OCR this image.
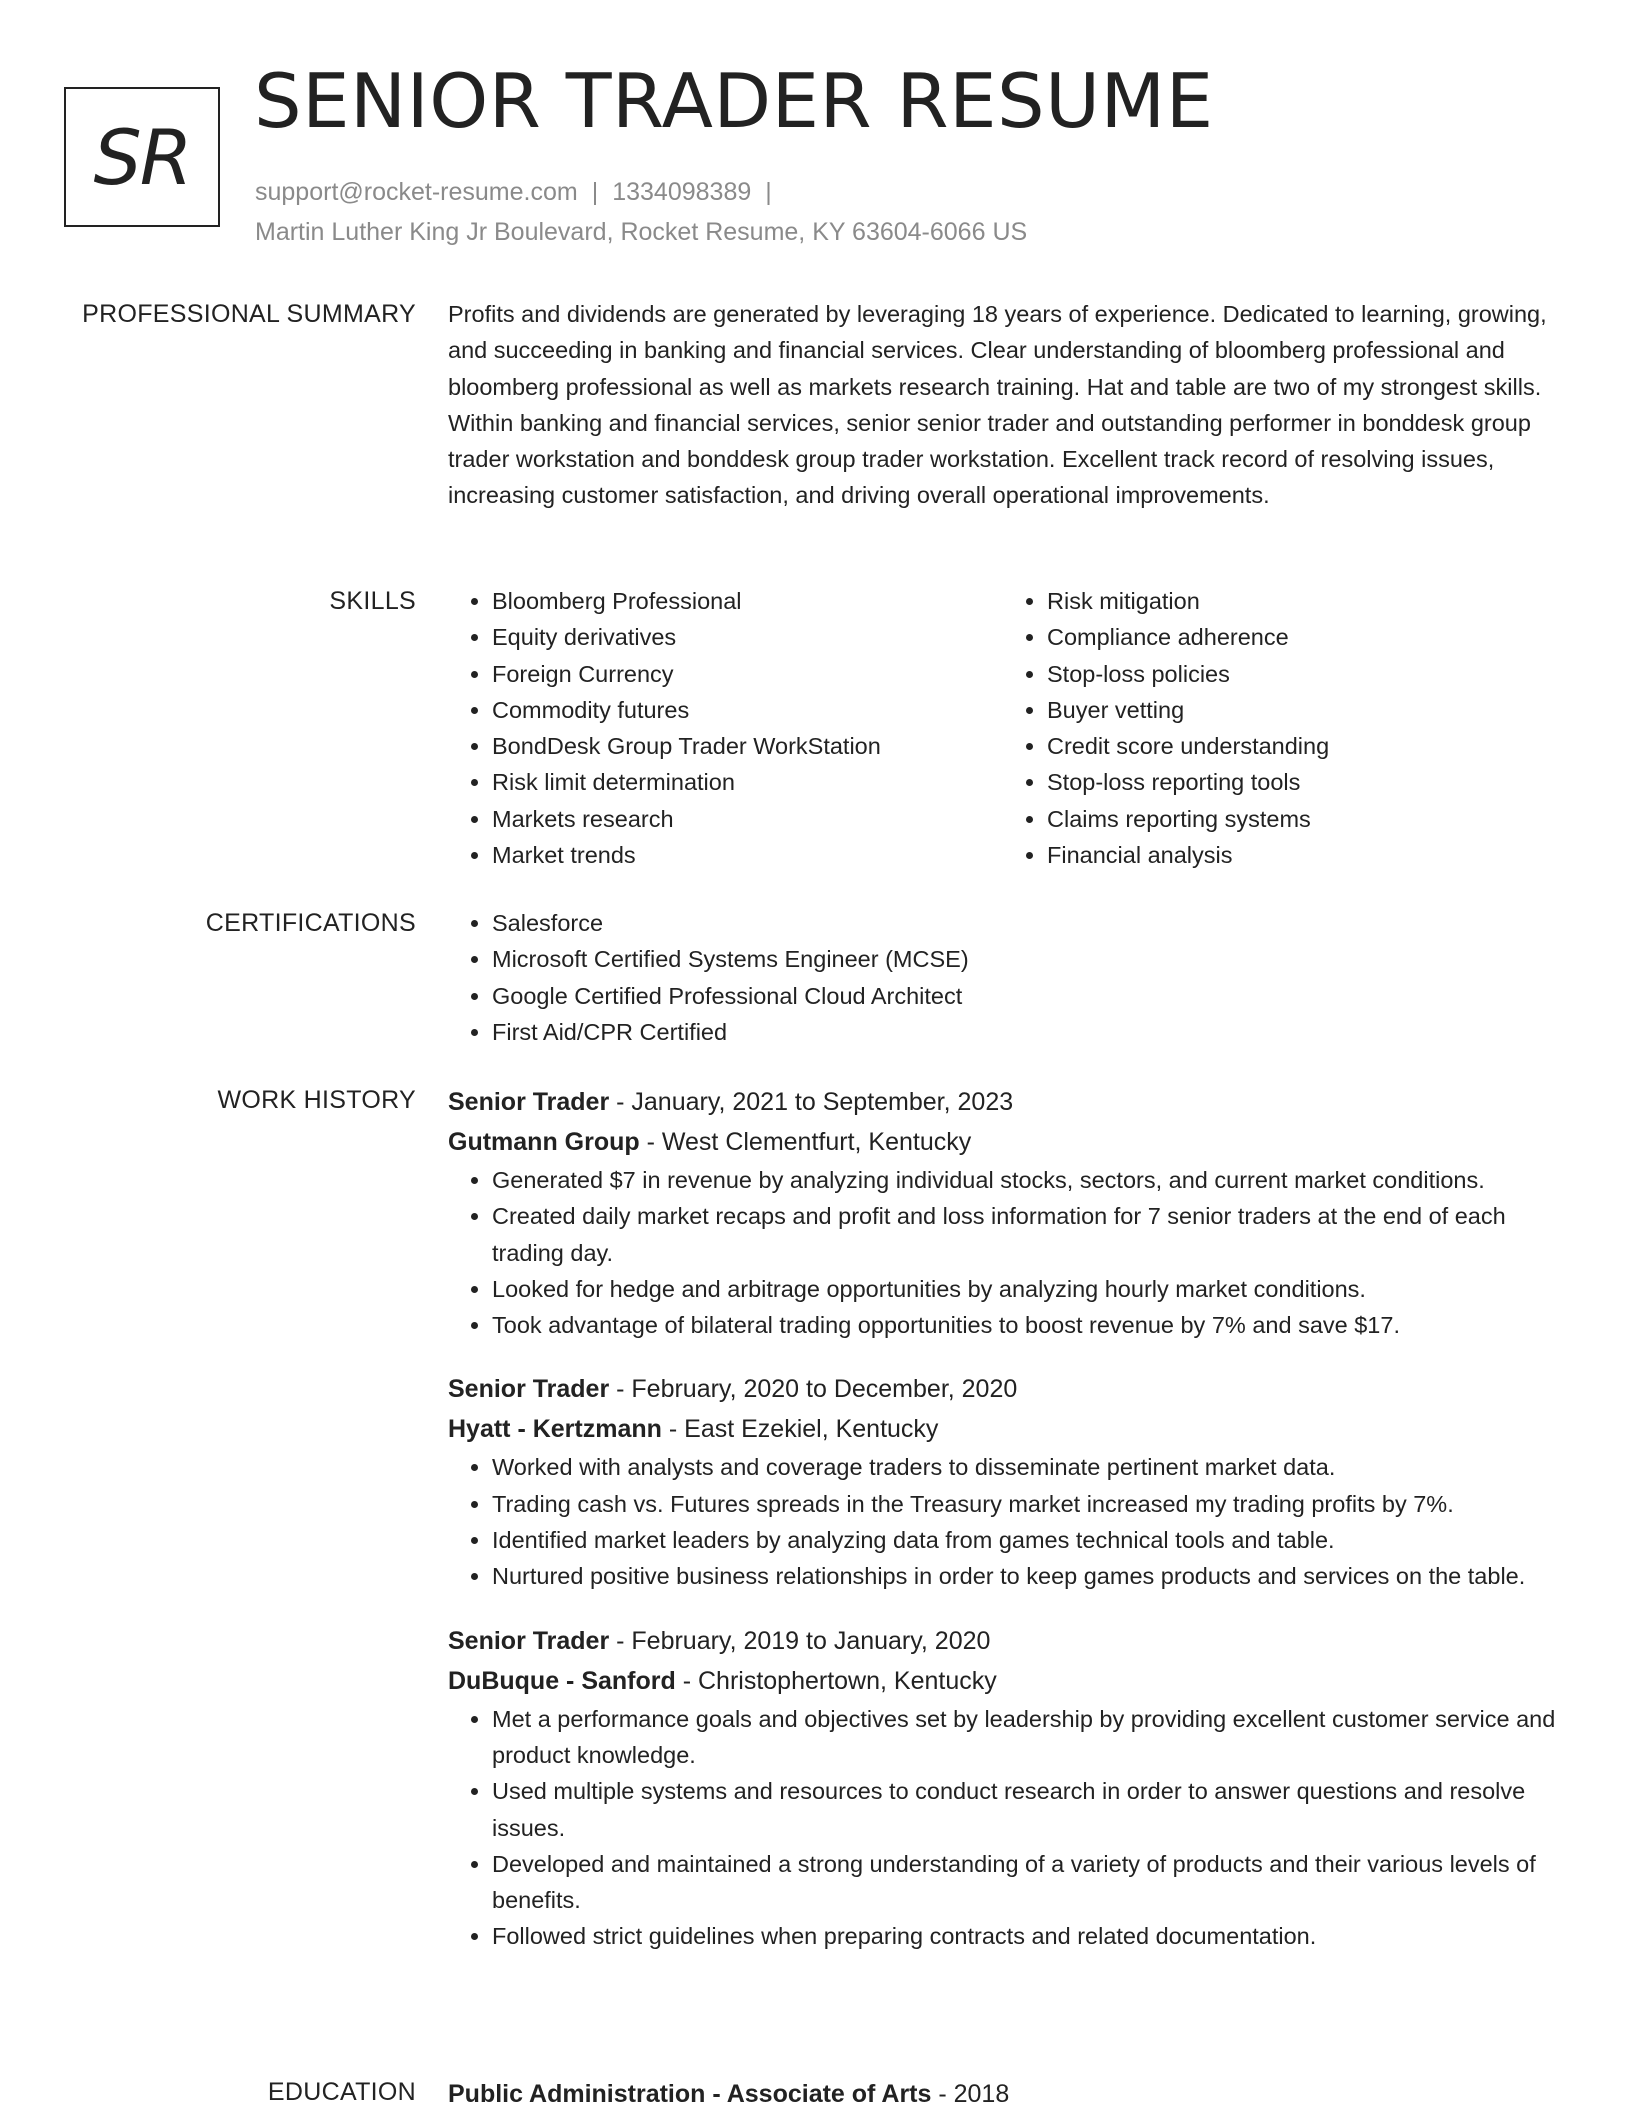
SR
SENIOR TRADER RESUME
support@rocket-resume.com | 1334098389 |
Martin Luther King Jr Boulevard, Rocket Resume, KY 63604-6066 US
PROFESSIONAL SUMMARY Profits and dividends are generated by leveraging 18 years of experience. Dedicated to learning, growing, and succeeding in banking and financial services. Clear understanding of bloomberg professional and bloomberg professional as well as markets research training. Hat and table are two of my strongest skills. Within banking and financial services, senior senior trader and outstanding performer in bonddesk group trader workstation and bonddesk group trader workstation. Excellent track record of resolving issues, increasing customer satisfaction, and driving overall operational improvements.

SKILLS	• Bloomberg Professional
• Equity derivatives
• Foreign Currency
• Commodity futures
• BondDesk Group Trader WorkStation
• Risk limit determination
• Markets research
• Market trends
• Risk mitigation
• Compliance adherence
• Stop-loss policies
• Buyer vetting
• Credit score understanding
• Stop-loss reporting tools
• Claims reporting systems
• Financial analysis
CERTIFICATIONS	• Salesforce
• Microsoft Certified Systems Engineer (MCSE)
• Google Certified Professional Cloud Architect
• First Aid/CPR Certified
WORK HISTORY Senior Trader - January, 2021 to September, 2023
Gutmann Group - West Clementfurt, Kentucky
• Generated $7 in revenue by analyzing individual stocks, sectors, and current market conditions.
• Created daily market recaps and profit and loss information for 7 senior traders at the end of each trading day.
• Looked for hedge and arbitrage opportunities by analyzing hourly market conditions.
• Took advantage of bilateral trading opportunities to boost revenue by 7% and save $17.
Senior Trader - February, 2020 to December, 2020
Hyatt - Kertzmann - East Ezekiel, Kentucky
• Worked with analysts and coverage traders to disseminate pertinent market data.
• Trading cash vs. Futures spreads in the Treasury market increased my trading profits by 7%.
• Identified market leaders by analyzing data from games technical tools and table.
• Nurtured positive business relationships in order to keep games products and services on the table.
Senior Trader - February, 2019 to January, 2020
DuBuque - Sanford - Christophertown, Kentucky
• Met a performance goals and objectives set by leadership by providing excellent customer service and product knowledge.
• Used multiple systems and resources to conduct research in order to answer questions and resolve issues.
• Developed and maintained a strong understanding of a variety of products and their various levels of benefits.
• Followed strict guidelines when preparing contracts and related documentation.
EDUCATION Public Administration - Associate of Arts - 2018
